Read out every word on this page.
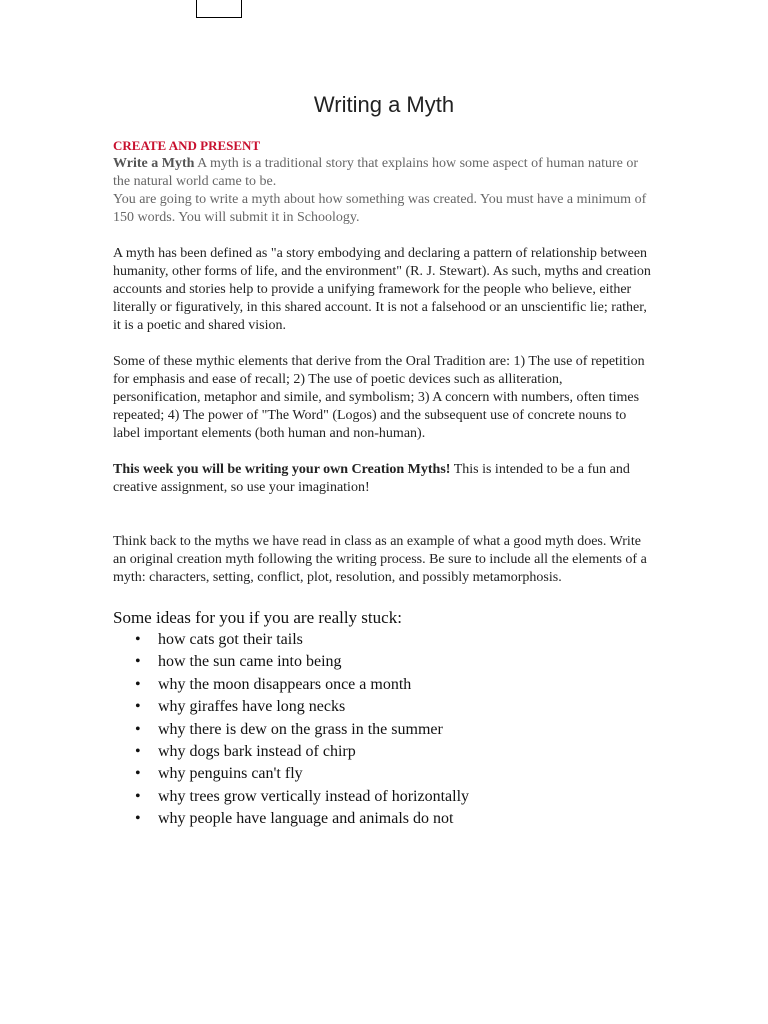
Writing a Myth

CREATE AND PRESENT

Write a Myth A myth is a traditional story that explains how some aspect of human nature or the natural world came to be.

You are going to write a myth about how something was created. You must have a minimum of 150 words. You will submit it in Schoology.

A myth has been defined as "a story embodying and declaring a pattern of relationship between humanity, other forms of life, and the environment" (R. J. Stewart). As such, myths and creation accounts and stories help to provide a unifying framework for the people who believe, either literally or figuratively, in this shared account. It is not a falsehood or an unscientific lie; rather, it is a poetic and shared vision.

Some of these mythic elements that derive from the Oral Tradition are: 1) The use of repetition for emphasis and ease of recall; 2) The use of poetic devices such as alliteration, personification, metaphor and simile, and symbolism; 3) A concern with numbers, often times repeated; 4) The power of "The Word" (Logos) and the subsequent use of concrete nouns to label important elements (both human and non-human).

This week you will be writing your own Creation Myths! This is intended to be a fun and creative assignment, so use your imagination!

Think back to the myths we have read in class as an example of what a good myth does. Write an original creation myth following the writing process. Be sure to include all the elements of a myth: characters, setting, conflict, plot, resolution, and possibly metamorphosis.

Some ideas for you if you are really stuck:

• how cats got their tails
• how the sun came into being
• why the moon disappears once a month
• why giraffes have long necks
• why there is dew on the grass in the summer
• why dogs bark instead of chirp
• why penguins can't fly
• why trees grow vertically instead of horizontally
• why people have language and animals do not
